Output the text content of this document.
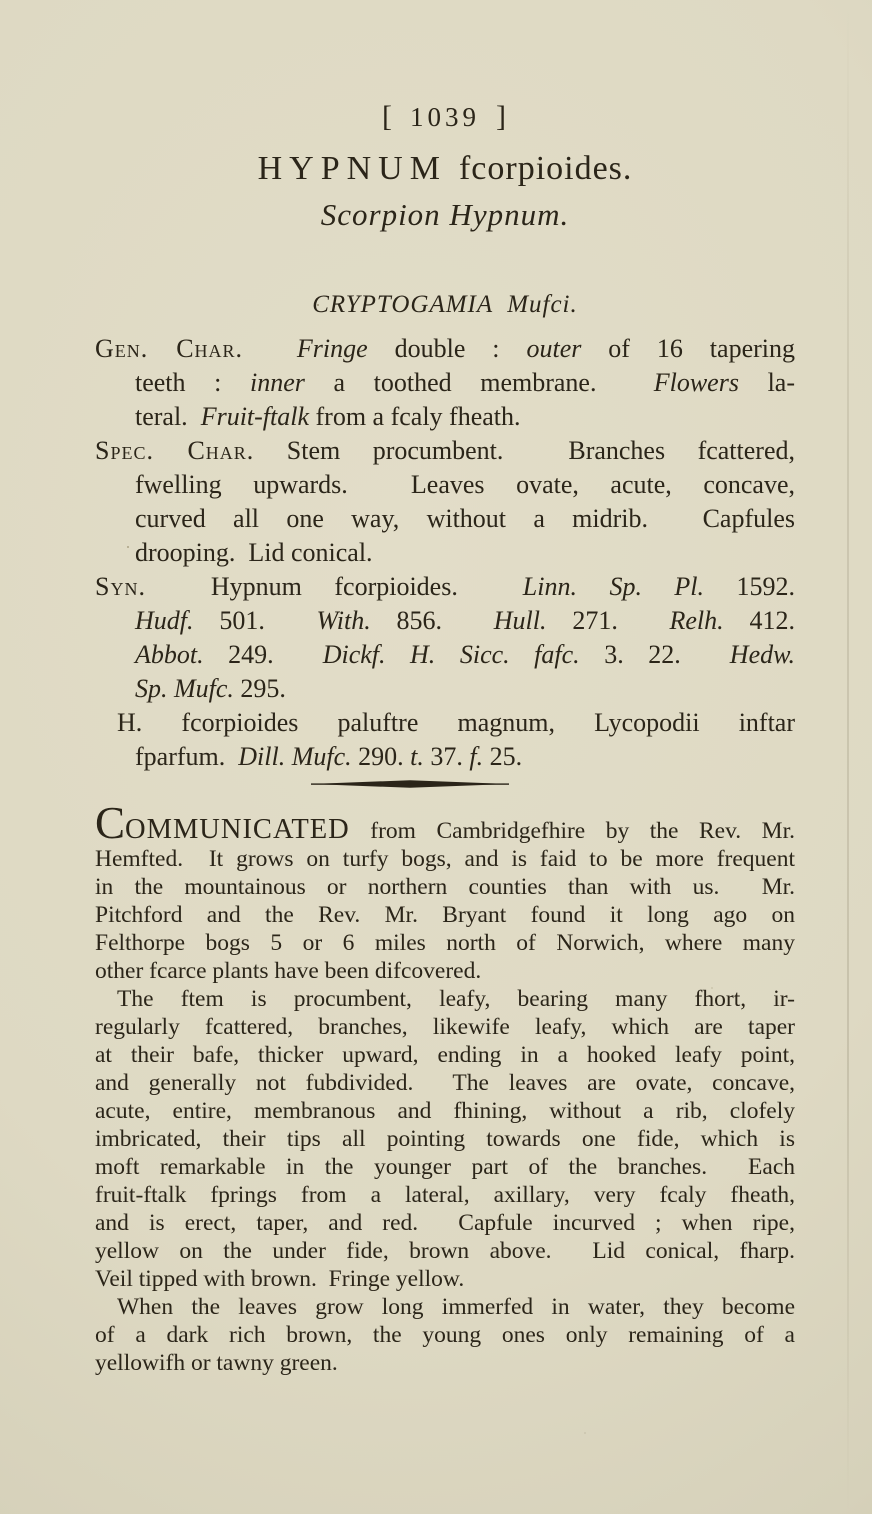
[ 1039 ]
HYPNUM fcorpioides.
Scorpion Hypnum.
CRYPTOGAMIA  Mufci.
Gen. Char. Fringe double : outer of 16 tapering
teeth : inner a toothed membrane.  Flowers la-
teral.  Fruit-ftalk from a fcaly fheath.
Spec. Char. Stem procumbent.  Branches fcattered,
fwelling upwards.  Leaves ovate, acute, concave,
curved all one way, without a midrib.  Capfules
drooping.  Lid conical.
Syn.  Hypnum fcorpioides.  Linn. Sp. Pl. 1592.
Hudf. 501.  With. 856.  Hull. 271.  Relh. 412.
Abbot. 249.  Dickf. H. Sicc. fafc. 3. 22.  Hedw.
Sp. Mufc. 295.
H. fcorpioides paluftre magnum, Lycopodii inftar
fparfum.  Dill. Mufc. 290. t. 37. f. 25.
COMMUNICATED from Cambridgefhire by the Rev. Mr.
Hemfted.  It grows on turfy bogs, and is faid to be more frequent
in the mountainous or northern counties than with us.  Mr.
Pitchford and the Rev. Mr. Bryant found it long ago on
Felthorpe bogs 5 or 6 miles north of Norwich, where many
other fcarce plants have been difcovered.
The ftem is procumbent, leafy, bearing many fhort, ir-
regularly fcattered, branches, likewife leafy, which are taper
at their bafe, thicker upward, ending in a hooked leafy point,
and generally not fubdivided.  The leaves are ovate, concave,
acute, entire, membranous and fhining, without a rib, clofely
imbricated, their tips all pointing towards one fide, which is
moft remarkable in the younger part of the branches.  Each
fruit-ftalk fprings from a lateral, axillary, very fcaly fheath,
and is erect, taper, and red.  Capfule incurved ; when ripe,
yellow on the under fide, brown above.  Lid conical, fharp.
Veil tipped with brown.  Fringe yellow.
When the leaves grow long immerfed in water, they become
of a dark rich brown, the young ones only remaining of a
yellowifh or tawny green.
